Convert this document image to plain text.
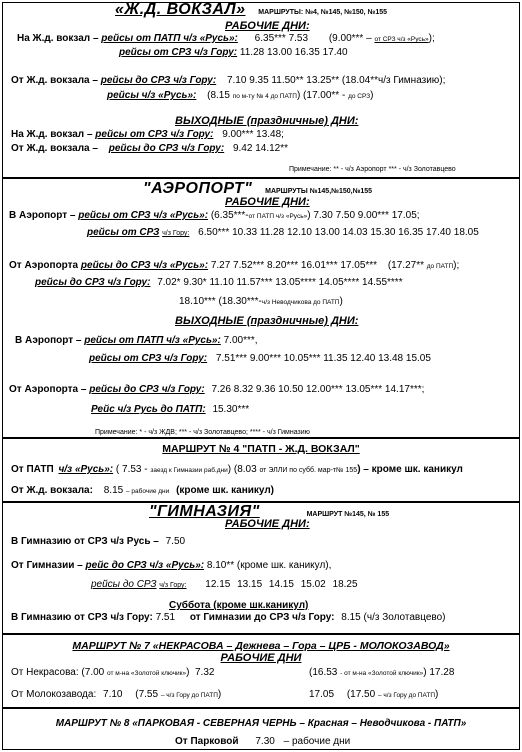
«Ж.Д. ВОКЗАЛ» МАРШРУТЫ: №4, №145, №150, №155
РАБОЧИЕ ДНИ:
На Ж.д. вокзал – рейсы от ПАТП ч/з «Русь»: 6.35*** 7.53 (9.00*** – от СРЗ ч/з «Русь»);
рейсы от СРЗ ч/з Гору: 11.28 13.00 16.35 17.40
От Ж.д. вокзала – рейсы до СРЗ ч/з Гору: 7.10 9.35 11.50** 13.25** (18.04**ч/з Гимназию);
рейсы ч/з «Русь»: (8.15 по м-ту № 4 до ПАТП) (17.00** - до СРЗ)
ВЫХОДНЫЕ (праздничные) ДНИ:
На Ж.д. вокзал – рейсы от СРЗ ч/з Гору: 9.00*** 13.48;
От Ж.д. вокзала – рейсы до СРЗ ч/з Гору: 9.42 14.12**
Примечание: ** - ч/з Аэропорт *** - ч/з Золотавцево
"АЭРОПОРТ" МАРШРУТЫ №145,№150,№155
РАБОЧИЕ ДНИ:
В Аэропорт – рейсы от СРЗ ч/з «Русь»: (6.35***-от ПАТП ч/з «Русь») 7.30 7.50 9.00*** 17.05;
рейсы от СРЗ ч/з Гору: 6.50*** 10.33 11.28 12.10 13.00 14.03 15.30 16.35 17.40 18.05
От Аэропорта рейсы до СРЗ ч/з «Русь»: 7.27 7.52*** 8.20*** 16.01*** 17.05*** (17.27** до ПАТП);
рейсы до СРЗ ч/з Гору: 7.02* 9.30* 11.10 11.57*** 13.05**** 14.05**** 14.55****
18.10*** (18.30***-ч/з Неводчикова до ПАТП)
ВЫХОДНЫЕ (праздничные) ДНИ:
В Аэропорт – рейсы от ПАТП ч/з «Русь»: 7.00***,
рейсы от СРЗ ч/з Гору: 7.51*** 9.00*** 10.05*** 11.35 12.40 13.48 15.05
От Аэропорта – рейсы до СРЗ ч/з Гору: 7.26 8.32 9.36 10.50 12.00*** 13.05*** 14.17***;
Рейс ч/з Русь до ПАТП: 15.30***
Примечание: * - ч/з ЖДВ; *** - ч/з Золотавцево; **** - ч/з Гимназию
МАРШРУТ № 4 "ПАТП - Ж.Д. ВОКЗАЛ"
От ПАТП ч/з «Русь»: ( 7.53 - заезд к Гимназии раб.дни) (8.03 от ЭЛЛИ по субб. мар-т№ 155) – кроме шк. каникул
От Ж.д. вокзала: 8.15 – рабочие дни (кроме шк. каникул)
"ГИМНАЗИЯ"	МАРШРУТ №145, № 155
РАБОЧИЕ ДНИ:
В Гимназию от СРЗ ч/з Русь – 7.50
От Гимназии – рейс до СРЗ ч/з «Русь»: 8.10** (кроме шк. каникул),
рейсы до СРЗ ч/з Гору: 12.15 13.15 14.15 15.02 18.25
Суббота (кроме шк.каникул)
В Гимназию от СРЗ ч/з Гору: 7.51 от Гимназии до СРЗ ч/з Гору: 8.15 (ч/з Золотавцево)
МАРШРУТ № 7 «НЕКРАСОВА – Дежнева – Гора – ЦРБ - МОЛОКОЗАВОД»
РАБОЧИЕ ДНИ
От Некрасова: (7.00 от м-на «Золотой ключик») 7.32	(16.53 - от м-на «Золотой ключик») 17.28
От Молокозавода: 7.10 (7.55 – ч/з Гору до ПАТП)	17.05 (17.50 – ч/з Гору до ПАТП)
МАРШРУТ № 8 «ПАРКОВАЯ - СЕВЕРНАЯ ЧЕРНЬ – Красная – Неводчикова - ПАТП»
От Парковой 7.30 – рабочие дни
